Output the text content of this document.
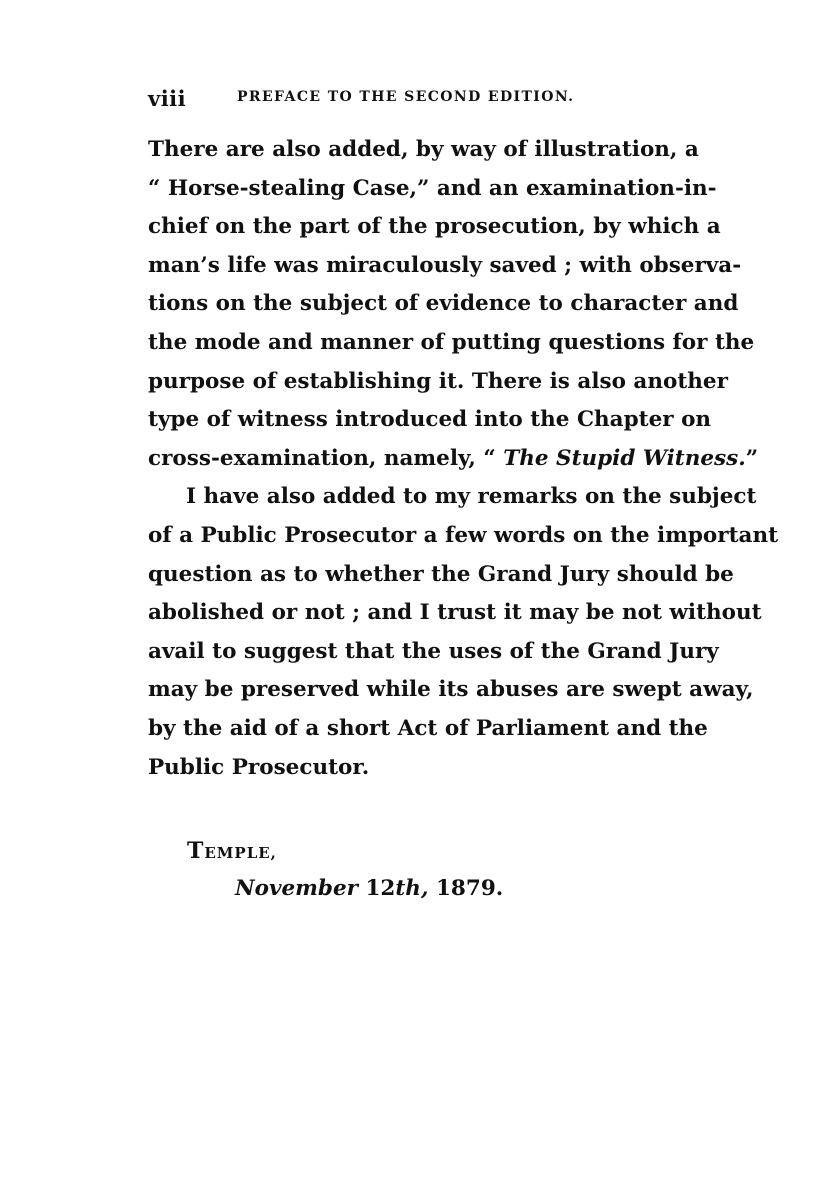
viii	PREFACE TO THE SECOND EDITION.
There are also added, by way of illustration, a
“ Horse-stealing Case,” and an examination-in-
chief on the part of the prosecution, by which a
man’s life was miraculously saved ; with observa-
tions on the subject of evidence to character and
the mode and manner of putting questions for the
purpose of establishing it. There is also another
type of witness introduced into the Chapter on
cross-examination, namely, “ The Stupid Witness.”
I have also added to my remarks on the subject
of a Public Prosecutor a few words on the important
question as to whether the Grand Jury should be
abolished or not ; and I trust it may be not without
avail to suggest that the uses of the Grand Jury
may be preserved while its abuses are swept away,
by the aid of a short Act of Parliament and the
Public Prosecutor.
TEMPLE,
November 12th, 1879.
